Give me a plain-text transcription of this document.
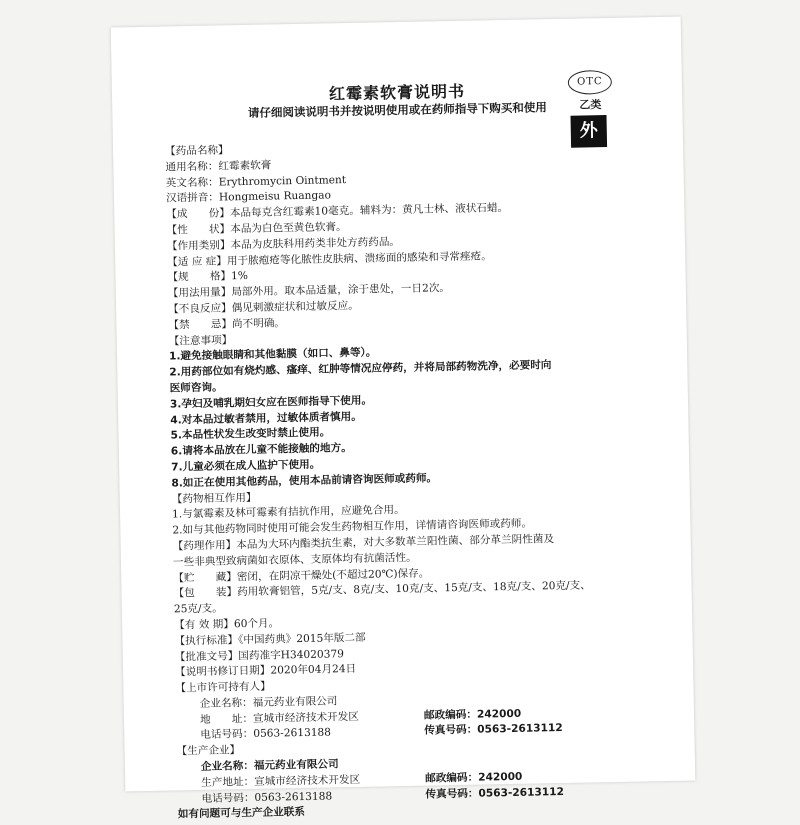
红霉素软膏说明书
请仔细阅读说明书并按说明使用或在药师指导下购买和使用
OTC
乙类
外
【药品名称】
通用名称：红霉素软膏
英文名称：Erythromycin Ointment
汉语拼音：Hongmeisu Ruangao
【成　　份】本品每克含红霉素10毫克。辅料为：黄凡士林、液状石蜡。
【性　　状】本品为白色至黄色软膏。
【作用类别】本品为皮肤科用药类非处方药药品。
【适 应 症】用于脓疱疮等化脓性皮肤病、溃疡面的感染和寻常痤疮。
【规　　格】1%
【用法用量】局部外用。取本品适量，涂于患处，一日2次。
【不良反应】偶见刺激症状和过敏反应。
【禁　　忌】尚不明确。
【注意事项】
1.避免接触眼睛和其他黏膜（如口、鼻等）。
2.用药部位如有烧灼感、瘙痒、红肿等情况应停药，并将局部药物洗净，必要时向
医师咨询。
3.孕妇及哺乳期妇女应在医师指导下使用。
4.对本品过敏者禁用，过敏体质者慎用。
5.本品性状发生改变时禁止使用。
6.请将本品放在儿童不能接触的地方。
7.儿童必须在成人监护下使用。
8.如正在使用其他药品，使用本品前请咨询医师或药师。
【药物相互作用】
1.与氯霉素及林可霉素有拮抗作用，应避免合用。
2.如与其他药物同时使用可能会发生药物相互作用，详情请咨询医师或药师。
【药理作用】本品为大环内酯类抗生素，对大多数革兰阳性菌、部分革兰阴性菌及
一些非典型致病菌如衣原体、支原体均有抗菌活性。
【贮　　藏】密闭，在阴凉干燥处(不超过20℃)保存。
【包　　装】药用软膏铝管，5克/支、8克/支、10克/支、15克/支、18克/支、20克/支、
25克/支。
【有 效 期】60个月。
【执行标准】《中国药典》2015年版二部
【批准文号】国药准字H34020379
【说明书修订日期】2020年04月24日
【上市许可持有人】
企业名称：福元药业有限公司
地　　址：宣城市经济技术开发区	邮政编码：242000
电话号码：0563-2613188	传真号码：0563-2613112
【生产企业】
企业名称：福元药业有限公司
生产地址：宣城市经济技术开发区	邮政编码：242000
电话号码：0563-2613188	传真号码：0563-2613112
如有问题可与生产企业联系
